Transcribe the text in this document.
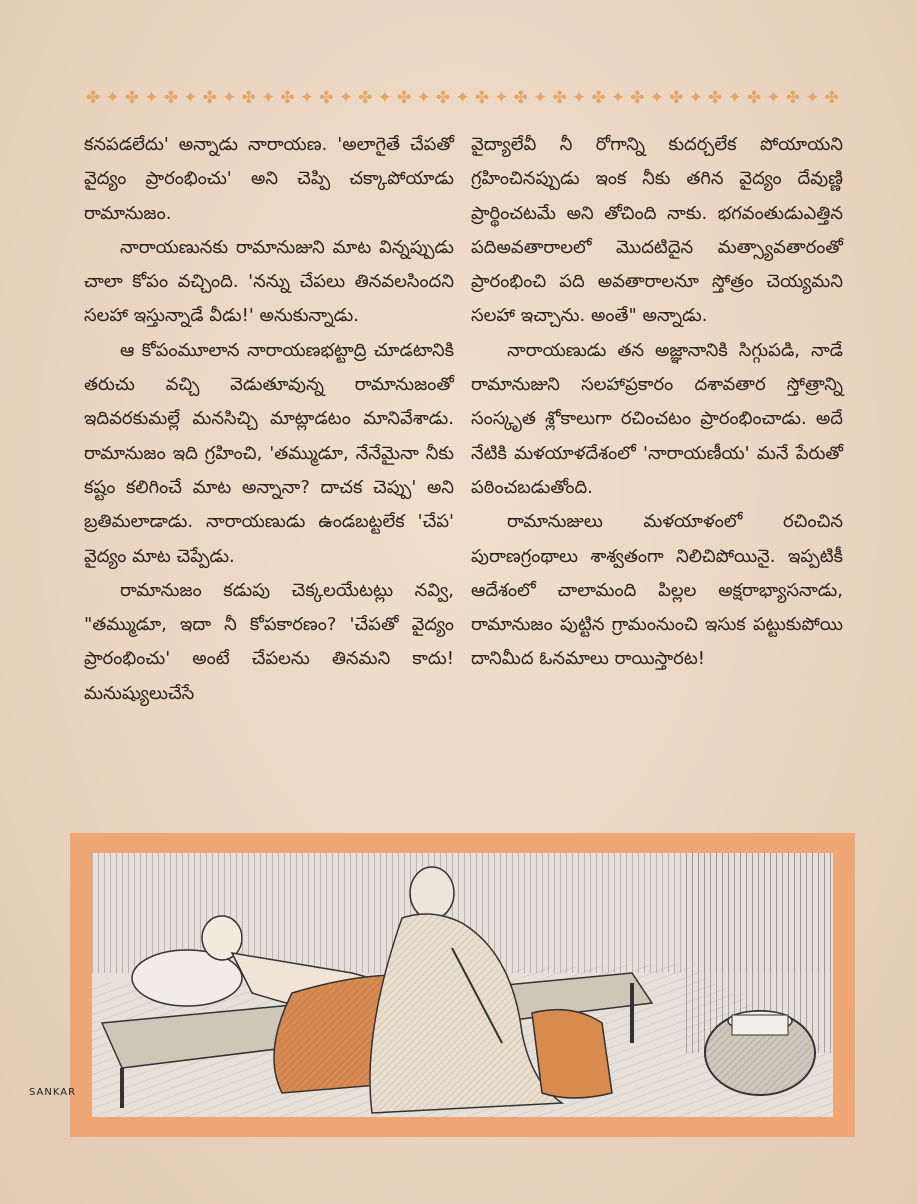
✤ ✦ ✤ ✦ ✤ ✦ ✤ ✦ ✤ ✦ ✤ ✦ ✤ ✦ ✤ ✦ ✤ ✦ ✤ ✦ ✤ ✦ ✤ ✦ ✤ ✦ ✤ ✦ ✤ ✦ ✤ ✦ ✤ ✦ ✤ ✦ ✤ ✦ ✤

కనపడలేదు' అన్నాడు నారాయణ. 'అలాగైతే చేపతో వైద్యం ప్రారంభించు' అని చెప్పి చక్కాపోయాడు రామానుజం.

నారాయణునకు రామానుజుని మాట విన్నప్పుడు చాలా కోపం వచ్చింది. 'నన్ను చేపలు తినవలసిందని సలహా ఇస్తున్నాడే వీడు!' అనుకున్నాడు.

ఆ కోపంమూలాన నారాయణభట్టాద్రి చూడటానికి తరుచు వచ్చి వెడుతూవున్న రామానుజంతో ఇదివరకుమల్లే మనసిచ్చి మాట్లాడటం మానివేశాడు. రామానుజం ఇది గ్రహించి, 'తమ్ముడూ, నేనేమైనా నీకు కష్టం కలిగించే మాట అన్నానా? దాచక చెప్పు' అని బ్రతిమలాడాడు. నారాయణుడు ఉండబట్టలేక 'చేప' వైద్యం మాట చెప్పేడు.

రామానుజం కడుపు చెక్కలయేటట్లు నవ్వి, "తమ్ముడూ, ఇదా నీ కోపకారణం? 'చేపతో వైద్యం ప్రారంభించు' అంటే చేపలను తినమని కాదు! మనుష్యులుచేసే

వైద్యాలేవీ నీ రోగాన్ని కుదర్చలేక పోయాయని గ్రహించినప్పుడు ఇంక నీకు తగిన వైద్యం దేవుణ్ణి ప్రార్థించటమే అని తోచింది నాకు. భగవంతుడుఎత్తిన పదిఅవతారాలలో మొదటిదైన మత్స్యావతారంతో ప్రారంభించి పది అవతారాలనూ స్తోత్రం చెయ్యమని సలహా ఇచ్చాను. అంతే" అన్నాడు.

నారాయణుడు తన అజ్ఞానానికి సిగ్గుపడి, నాడే రామానుజుని సలహాప్రకారం దశావతార స్తోత్రాన్ని సంస్కృత శ్లోకాలుగా రచించటం ప్రారంభించాడు. అదే నేటికి మళయాళదేశంలో 'నారాయణీయ' మనే పేరుతో పఠించబడుతోంది.

రామానుజులు మళయాళంలో రచించిన పురాణగ్రంథాలు శాశ్వతంగా నిలిచిపోయినై. ఇప్పటికీ ఆదేశంలో చాలామంది పిల్లల అక్షరాభ్యాసనాడు, రామానుజం పుట్టిన గ్రామంనుంచి ఇసుక పట్టుకుపోయి దానిమీద ఓనమాలు రాయిస్తారట!

SANKAR
